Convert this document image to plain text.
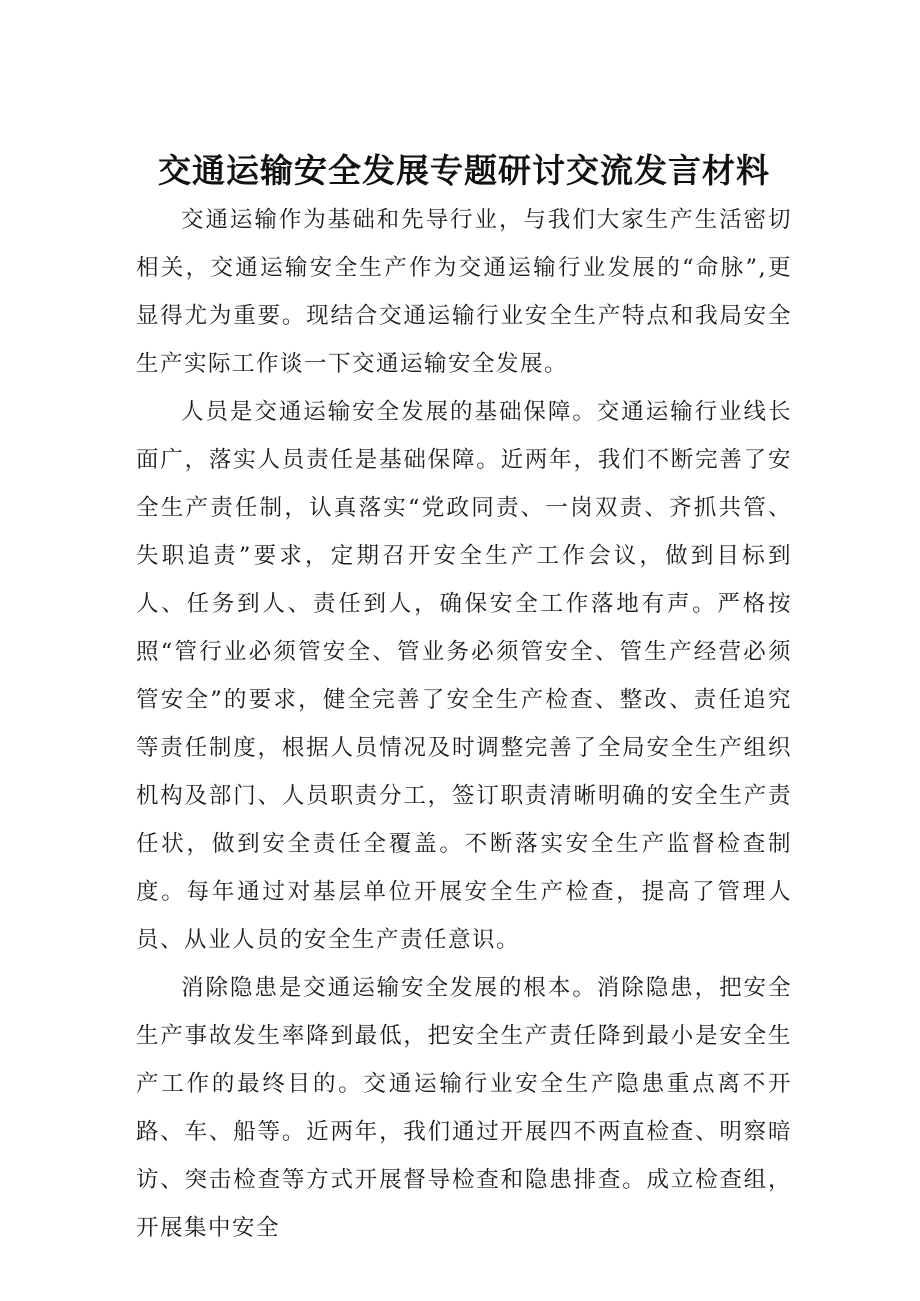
交通运输安全发展专题研讨交流发言材料

交通运输作为基础和先导行业，与我们大家生产生活密切相关，交通运输安全生产作为交通运输行业发展的“命脉”,更显得尤为重要。现结合交通运输行业安全生产特点和我局安全生产实际工作谈一下交通运输安全发展。

人员是交通运输安全发展的基础保障。交通运输行业线长面广，落实人员责任是基础保障。近两年，我们不断完善了安全生产责任制，认真落实“党政同责、一岗双责、齐抓共管、失职追责”要求，定期召开安全生产工作会议，做到目标到人、任务到人、责任到人，确保安全工作落地有声。严格按照“管行业必须管安全、管业务必须管安全、管生产经营必须管安全”的要求，健全完善了安全生产检查、整改、责任追究等责任制度，根据人员情况及时调整完善了全局安全生产组织机构及部门、人员职责分工，签订职责清晰明确的安全生产责任状，做到安全责任全覆盖。不断落实安全生产监督检查制度。每年通过对基层单位开展安全生产检查，提高了管理人员、从业人员的安全生产责任意识。

消除隐患是交通运输安全发展的根本。消除隐患，把安全生产事故发生率降到最低，把安全生产责任降到最小是安全生产工作的最终目的。交通运输行业安全生产隐患重点离不开路、车、船等。近两年，我们通过开展四不两直检查、明察暗访、突击检查等方式开展督导检查和隐患排查。成立检查组，开展集中安全
